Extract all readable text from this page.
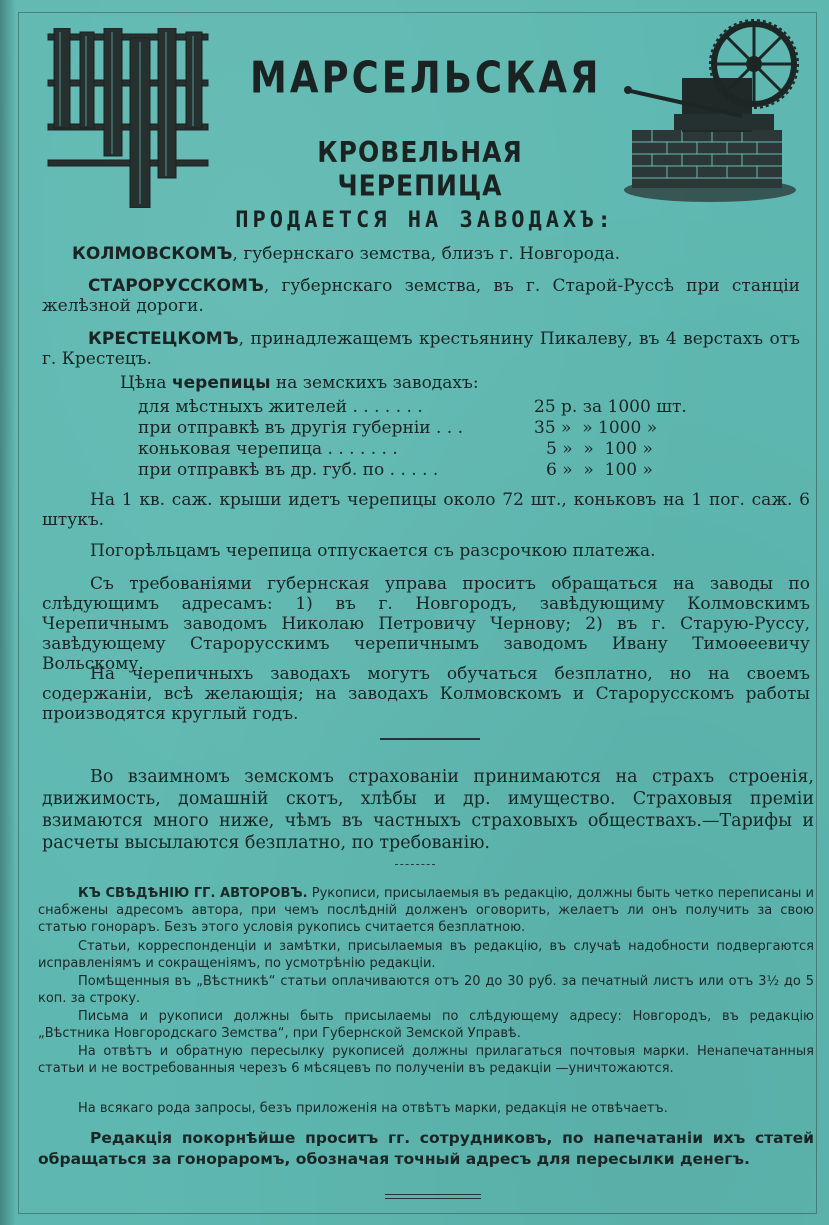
МАРСЕЛЬСКАЯ
КРОВЕЛЬНАЯ ЧЕРЕПИЦА
ПРОДАЕТСЯ НА ЗАВОДАХЪ:
КОЛМОВСКОМЪ, губернскаго земства, близъ г. Новгорода.
СТАРОРУССКОМЪ, губернскаго земства, въ г. Старой-Руссѣ при станціи желѣзной дороги.
КРЕСТЕЦКОМЪ, принадлежащемъ крестьянину Пикалеву, въ 4 верстахъ отъ г. Крестецъ.
Цѣна черепицы на земскихъ заводахъ:
для мѣстныхъ жителей . . . . . . .	25 р. за 1000 шт.
при отправкѣ въ другія губерніи . . .	35 »  » 1000 »
коньковая черепица . . . . . . .	5 »  »  100 »
при отправкѣ въ др. губ. по . . . . .	6 »  »  100 »
На 1 кв. саж. крыши идетъ черепицы около 72 шт., коньковъ на 1 пог. саж. 6 штукъ.
Погорѣльцамъ черепица отпускается съ разсрочкою платежа.
Съ требованіями губернская управа проситъ обращаться на заводы по слѣдующимъ адресамъ: 1) въ г. Новгородъ, завѣдующиму Колмовскимъ Черепичнымъ заводомъ Николаю Петровичу Чернову; 2) въ г. Старую-Руссу, завѣдующему Старорусскимъ черепичнымъ заводомъ Ивану Тимоѳеевичу Вольскому.
На черепичныхъ заводахъ могутъ обучаться безплатно, но на своемъ содержаніи, всѣ желающія; на заводахъ Колмовскомъ и Старорусскомъ работы производятся круглый годъ.
Во взаимномъ земскомъ страхованіи принимаются на страхъ строенія, движимость, домашній скотъ, хлѣбы и др. имущество. Страховыя преміи взимаются много ниже, чѣмъ въ частныхъ страховыхъ обществахъ.—Тарифы и расчеты высылаются безплатно, по требованію.
КЪ СВѢДѢНІЮ ГГ. АВТОРОВЪ. Рукописи, присылаемыя въ редакцію, должны быть четко переписаны и снабжены адресомъ автора, при чемъ послѣдній долженъ оговорить, желаетъ ли онъ получить за свою статью гонораръ. Безъ этого условія рукопись считается безплатною.
Статьи, корреспонденціи и замѣтки, присылаемыя въ редакцію, въ случаѣ надобности подвергаются исправленіямъ и сокращеніямъ, по усмотрѣнію редакціи.
Помѣщенныя въ „Вѣстникѣ“ статьи оплачиваются отъ 20 до 30 руб. за печатный листъ или отъ 3½ до 5 коп. за строку.
Письма и рукописи должны быть присылаемы по слѣдующему адресу: Новгородъ, въ редакцію „Вѣстника Новгородскаго Земства“, при Губернской Земской Управѣ.
На отвѣтъ и обратную пересылку рукописей должны прилагаться почтовыя марки. Ненапечатанныя статьи и не востребованныя черезъ 6 мѣсяцевъ по полученіи въ редакціи —уничтожаются.
На всякаго рода запросы, безъ приложенія на отвѣтъ марки, редакція не отвѣчаетъ.
Редакція покорнѣйше проситъ гг. сотрудниковъ, по напечатаніи ихъ статей обращаться за гонораромъ, обозначая точный адресъ для пересылки денегъ.
